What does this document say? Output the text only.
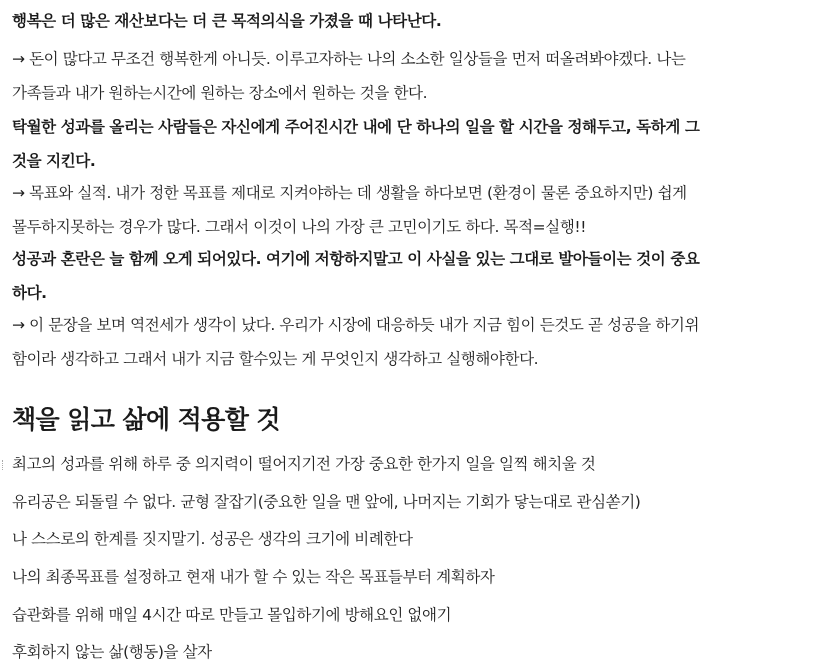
행복은 더 많은 재산보다는 더 큰 목적의식을 가졌을 때 나타난다.
→ 돈이 많다고 무조건 행복한게 아니듯. 이루고자하는 나의 소소한 일상들을 먼저 떠올려봐야겠다. 나는
가족들과 내가 원하는시간에 원하는 장소에서 원하는 것을 한다.
탁월한 성과를 올리는 사람들은 자신에게 주어진시간 내에 단 하나의 일을 할 시간을 정해두고, 독하게 그
것을 지킨다.
→ 목표와 실적. 내가 정한 목표를 제대로 지켜야하는 데 생활을 하다보면 (환경이 물론 중요하지만) 쉽게
몰두하지못하는 경우가 많다. 그래서 이것이 나의 가장 큰 고민이기도 하다. 목적=실행!!
성공과 혼란은 늘 함께 오게 되어있다. 여기에 저항하지말고 이 사실을 있는 그대로 발아들이는 것이 중요
하다.
→ 이 문장을 보며 역전세가 생각이 났다. 우리가 시장에 대응하듯 내가 지금 힘이 든것도 곧 성공을 하기위
함이라 생각하고 그래서 내가 지금 할수있는 게 무엇인지 생각하고 실행해야한다.
책을 읽고 삶에 적용할 것
최고의 성과를 위해 하루 중 의지력이 떨어지기전 가장 중요한 한가지 일을 일찍 해치울 것
유리공은 되돌릴 수 없다. 균형 잘잡기(중요한 일을 맨 앞에, 나머지는 기회가 닿는대로 관심쏟기)
나 스스로의 한계를 짓지말기. 성공은 생각의 크기에 비례한다
나의 최종목표를 설정하고 현재 내가 할 수 있는 작은 목표들부터 계획하자
습관화를 위해 매일 4시간 따로 만들고 몰입하기에 방해요인 없애기
후회하지 않는 삶(행동)을 살자
